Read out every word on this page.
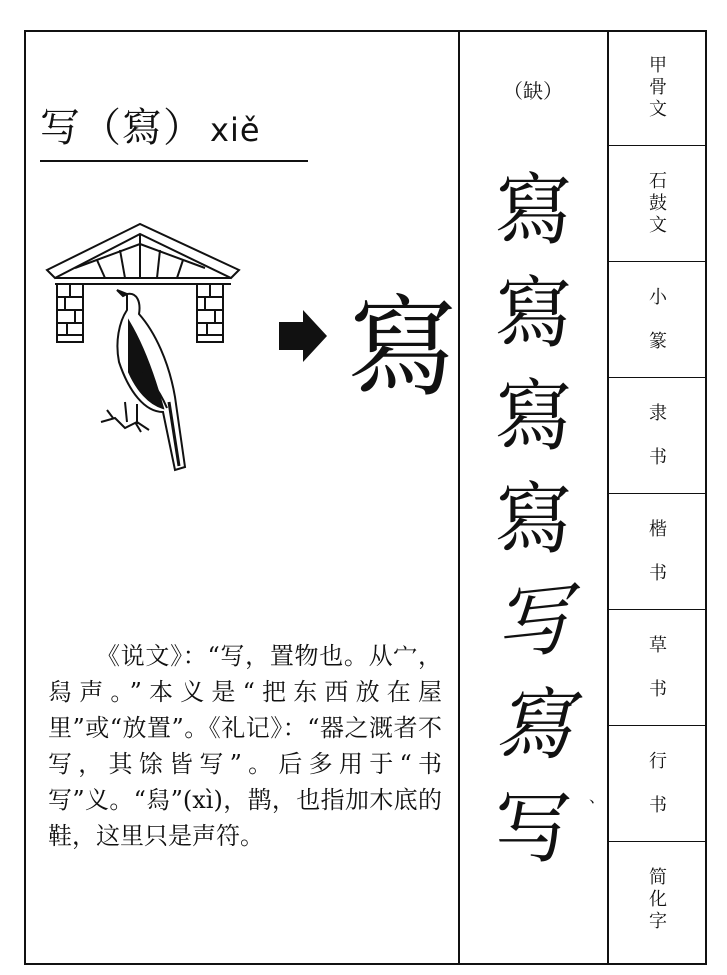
写（寫） xiě
寫

《说文》：“写，置物也。从宀，舄声。”本义是“把东西放在屋里”或“放置”。《礼记》：“器之溉者不写，其馀皆写”。后多用于“书写”义。“舄”(xì)，鹊，也指加木底的鞋，这里只是声符。

（缺）
寫
寫
寫
寫
写
寫
写	、
甲
骨
文
石
鼓
文
小
篆
隶
书
楷
书
草
书
行
书
简
化
字
